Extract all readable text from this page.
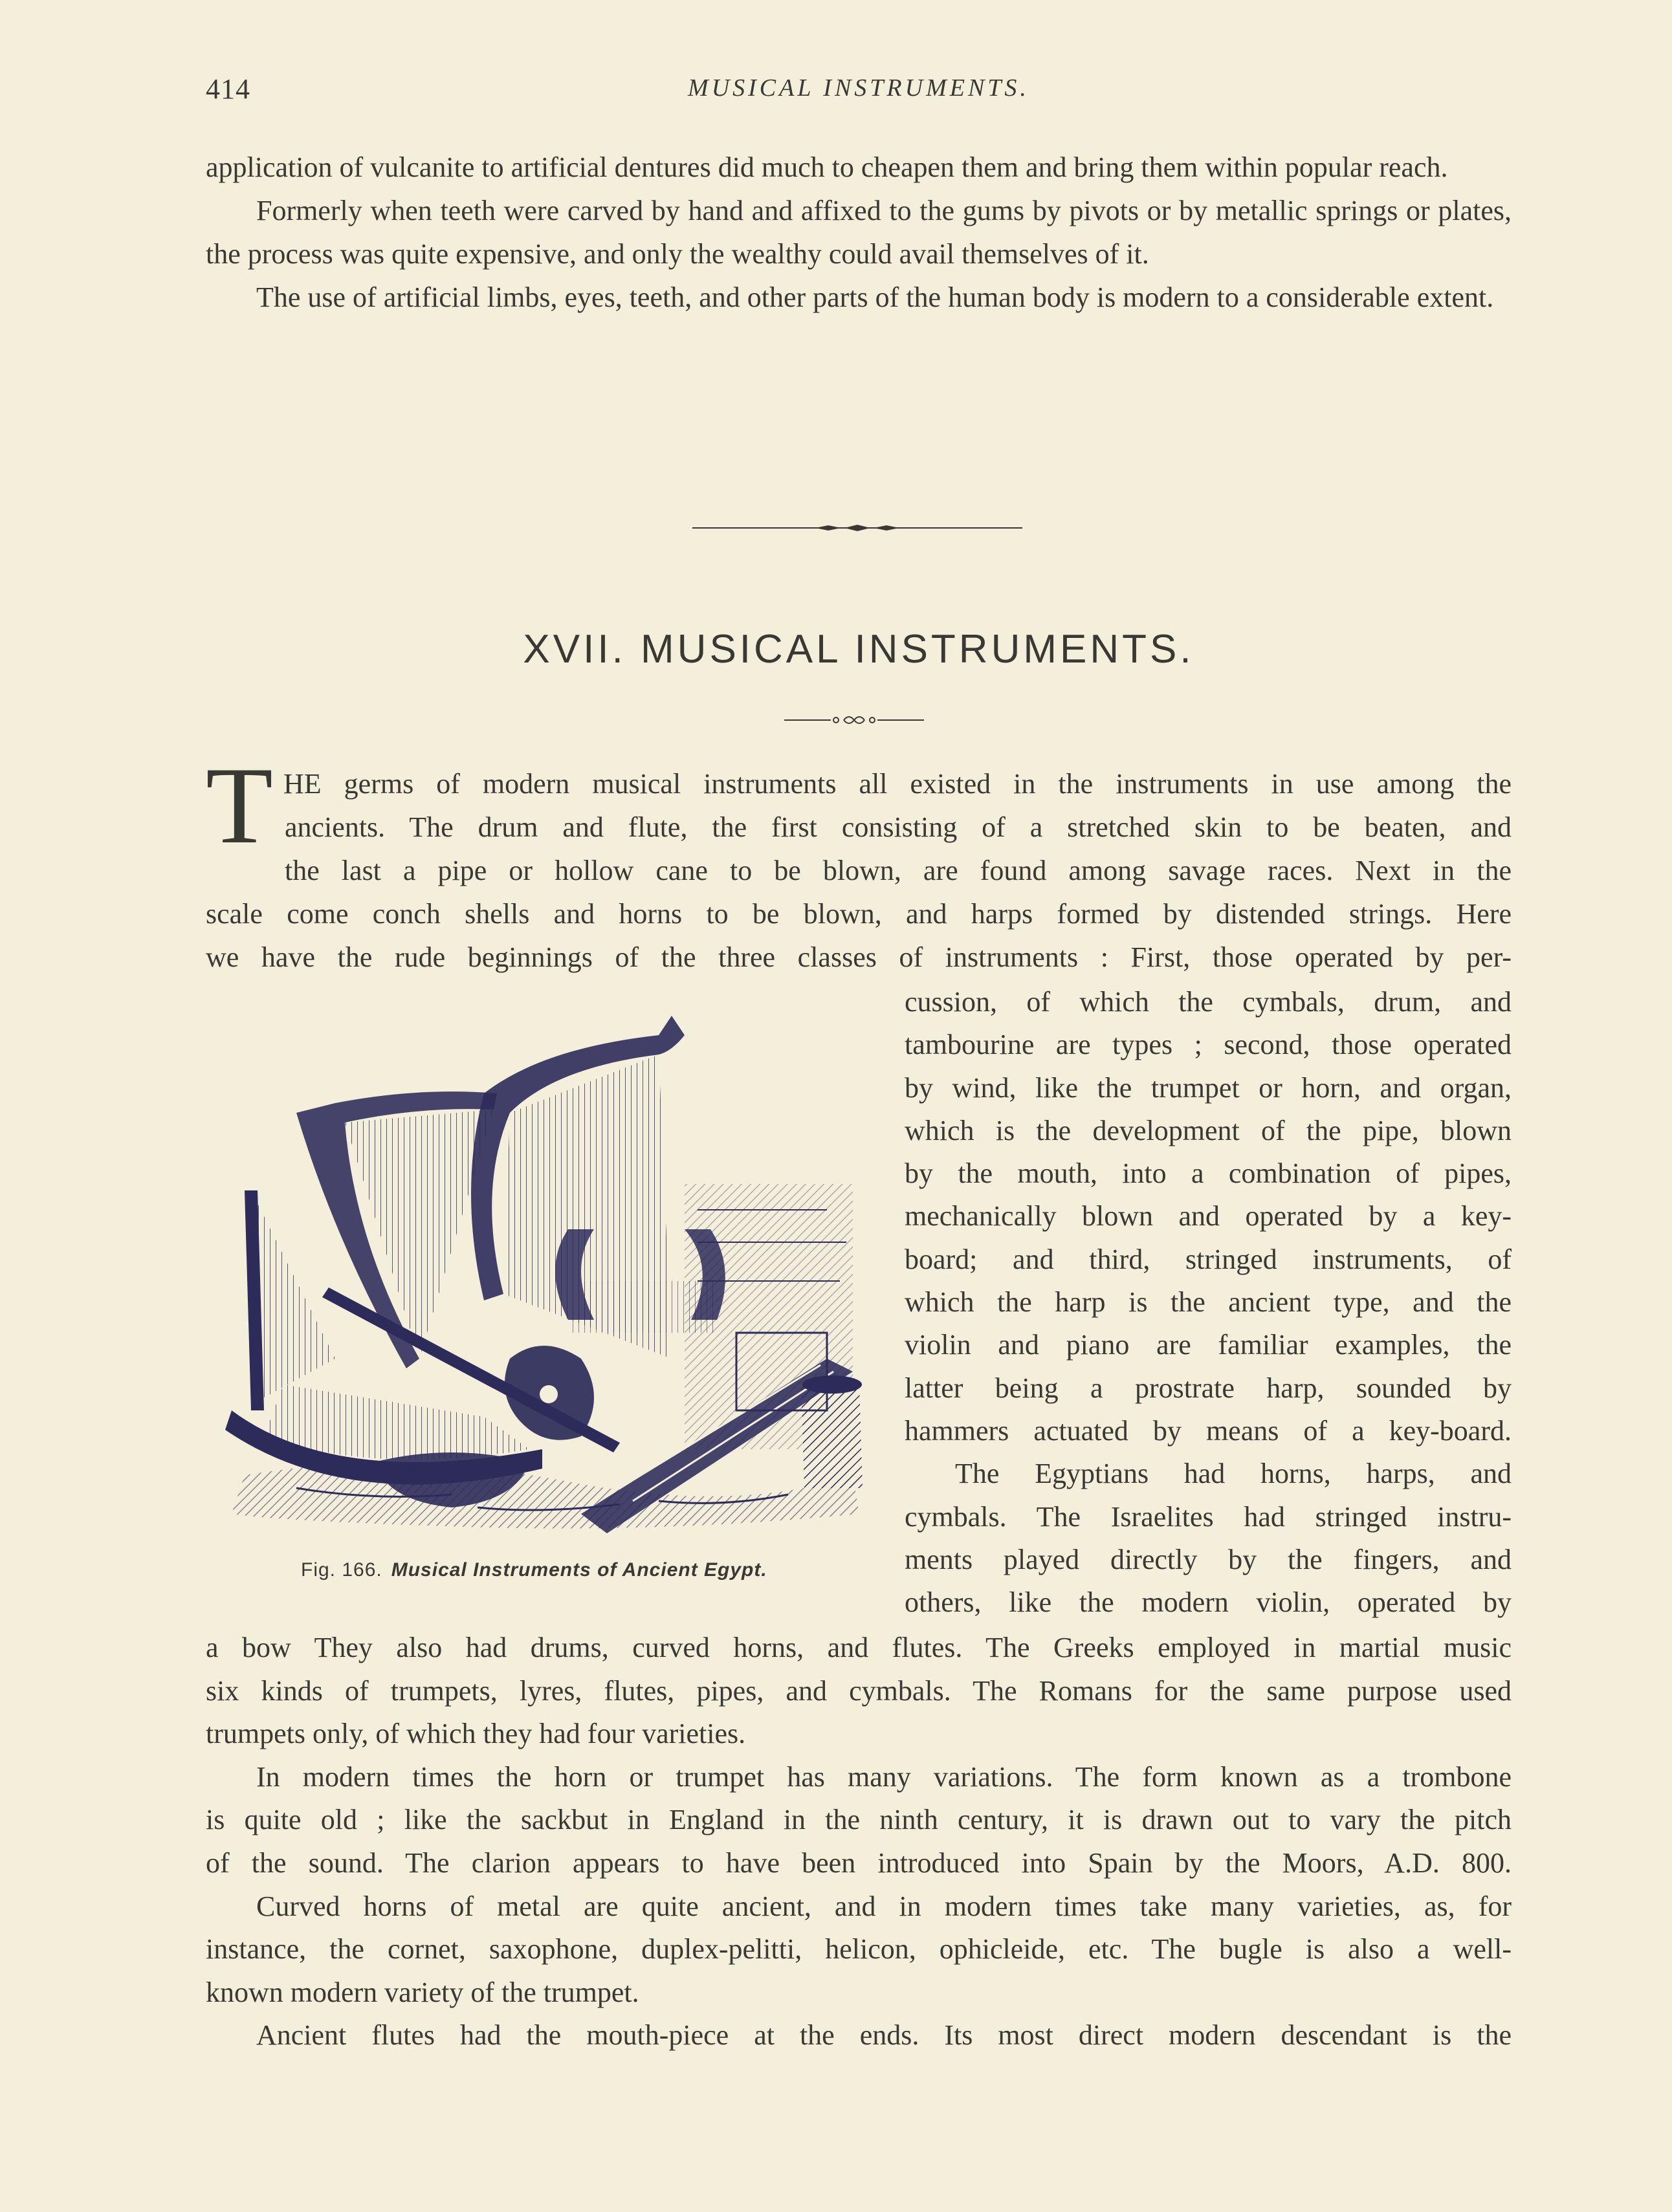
414	MUSICAL INSTRUMENTS.

application of vulcanite to artificial dentures did much to cheapen them and bring them within popular reach.

Formerly when teeth were carved by hand and affixed to the gums by pivots or by metallic springs or plates, the process was quite expensive, and only the wealthy could avail themselves of it.

The use of artificial limbs, eyes, teeth, and other parts of the human body is modern to a considerable extent.

XVII. MUSICAL INSTRUMENTS.
T HE germs of modern musical instruments all existed in the instruments in use among the
ancients. The drum and flute, the first consisting of a stretched skin to be beaten, and
the last a pipe or hollow cane to be blown, are found among savage races. Next in the
scale come conch shells and horns to be blown, and harps formed by distended strings. Here
we have the rude beginnings of the three classes of instruments : First, those operated by per-
Fig. 166. Musical Instruments of Ancient Egypt.
cussion, of which the cymbals, drum, and
tambourine are types ; second, those operated
by wind, like the trumpet or horn, and organ,
which is the development of the pipe, blown
by the mouth, into a combination of pipes,
mechanically blown and operated by a key-
board; and third, stringed instruments, of
which the harp is the ancient type, and the
violin and piano are familiar examples, the
latter being a prostrate harp, sounded by
hammers actuated by means of a key-board.
The Egyptians had horns, harps, and
cymbals. The Israelites had stringed instru-
ments played directly by the fingers, and
others, like the modern violin, operated by
a bow They also had drums, curved horns, and flutes. The Greeks employed in martial music
six kinds of trumpets, lyres, flutes, pipes, and cymbals. The Romans for the same purpose used
trumpets only, of which they had four varieties.
In modern times the horn or trumpet has many variations. The form known as a trombone
is quite old ; like the sackbut in England in the ninth century, it is drawn out to vary the pitch
of the sound. The clarion appears to have been introduced into Spain by the Moors, A.D. 800.
Curved horns of metal are quite ancient, and in modern times take many varieties, as, for
instance, the cornet, saxophone, duplex-pelitti, helicon, ophicleide, etc. The bugle is also a well-
known modern variety of the trumpet.
Ancient flutes had the mouth-piece at the ends. Its most direct modern descendant is the
